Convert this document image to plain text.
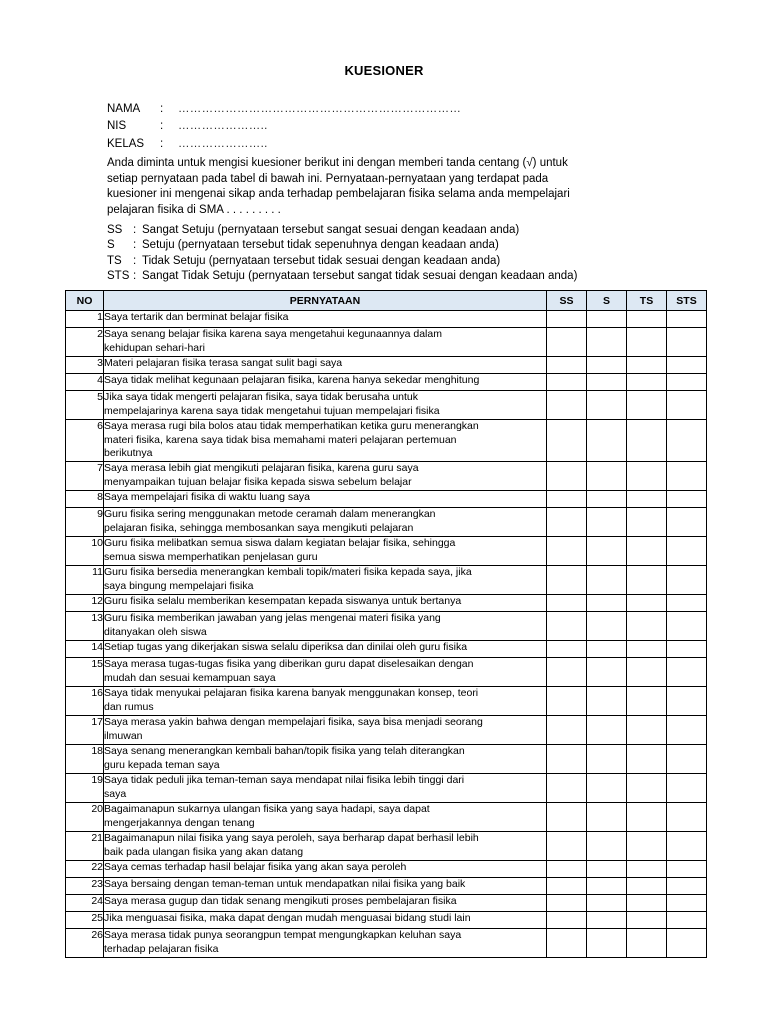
KUESIONER
NAMA	:	………………………………………………………………
NIS	:	…………………..
KELAS	:	…………………..
Anda diminta untuk mengisi kuesioner berikut ini dengan memberi tanda centang (√) untuk
setiap pernyataan pada tabel di bawah ini. Pernyataan-pernyataan yang terdapat pada
kuesioner ini mengenai sikap anda terhadap pembelajaran fisika selama anda mempelajari
pelajaran fisika di SMA . . . . . . . . .
SS : Sangat Setuju (pernyataan tersebut sangat sesuai dengan keadaan anda)
S	: Setuju (pernyataan tersebut tidak sepenuhnya dengan keadaan anda)
TS : Tidak Setuju (pernyataan tersebut tidak sesuai dengan keadaan anda)
STS : Sangat Tidak Setuju (pernyataan tersebut sangat tidak sesuai dengan keadaan anda)
NO	PERNYATAAN	SS	S	TS	STS
1	Saya tertarik dan berminat belajar fisika				

2	Saya senang belajar fisika karena saya mengetahui kegunaannya dalam
kehidupan sehari-hari				

3	Materi pelajaran fisika terasa sangat sulit bagi saya				

4	Saya tidak melihat kegunaan pelajaran fisika, karena hanya sekedar menghitung				

5	Jika saya tidak mengerti pelajaran fisika, saya tidak berusaha untuk
mempelajarinya karena saya tidak mengetahui tujuan mempelajari fisika				

6	Saya merasa rugi bila bolos atau tidak memperhatikan ketika guru menerangkan
materi fisika, karena saya tidak bisa memahami materi pelajaran pertemuan
berikutnya				

7	Saya merasa lebih giat mengikuti pelajaran fisika, karena guru saya
menyampaikan tujuan belajar fisika kepada siswa sebelum belajar				

8	Saya mempelajari fisika di waktu luang saya				

9	Guru fisika sering menggunakan metode ceramah dalam menerangkan
pelajaran fisika, sehingga membosankan saya mengikuti pelajaran				

10	Guru fisika melibatkan semua siswa dalam kegiatan belajar fisika, sehingga
semua siswa memperhatikan penjelasan guru				

11	Guru fisika bersedia menerangkan kembali topik/materi fisika kepada saya, jika
saya bingung mempelajari fisika				

12	Guru fisika selalu memberikan kesempatan kepada siswanya untuk bertanya				

13	Guru fisika memberikan jawaban yang jelas mengenai materi fisika yang
ditanyakan oleh siswa				

14	Setiap tugas yang dikerjakan siswa selalu diperiksa dan dinilai oleh guru fisika				

15	Saya merasa tugas-tugas fisika yang diberikan guru dapat diselesaikan dengan
mudah dan sesuai kemampuan saya				

16	Saya tidak menyukai pelajaran fisika karena banyak menggunakan konsep, teori
dan rumus				

17	Saya merasa yakin bahwa dengan mempelajari fisika, saya bisa menjadi seorang
ilmuwan				

18	Saya senang menerangkan kembali bahan/topik fisika yang telah diterangkan
guru kepada teman saya				

19	Saya tidak peduli jika teman-teman saya mendapat nilai fisika lebih tinggi dari
saya				

20	Bagaimanapun sukarnya ulangan fisika yang saya hadapi, saya dapat
mengerjakannya dengan tenang				

21	Bagaimanapun nilai fisika yang saya peroleh, saya berharap dapat berhasil lebih
baik pada ulangan fisika yang akan datang				

22	Saya cemas terhadap hasil belajar fisika yang akan saya peroleh				

23	Saya bersaing dengan teman-teman untuk mendapatkan nilai fisika yang baik				

24	Saya merasa gugup dan tidak senang mengikuti proses pembelajaran fisika				

25	Jika menguasai fisika, maka dapat dengan mudah menguasai bidang studi lain				

26	Saya merasa tidak punya seorangpun tempat mengungkapkan keluhan saya
terhadap pelajaran fisika				
